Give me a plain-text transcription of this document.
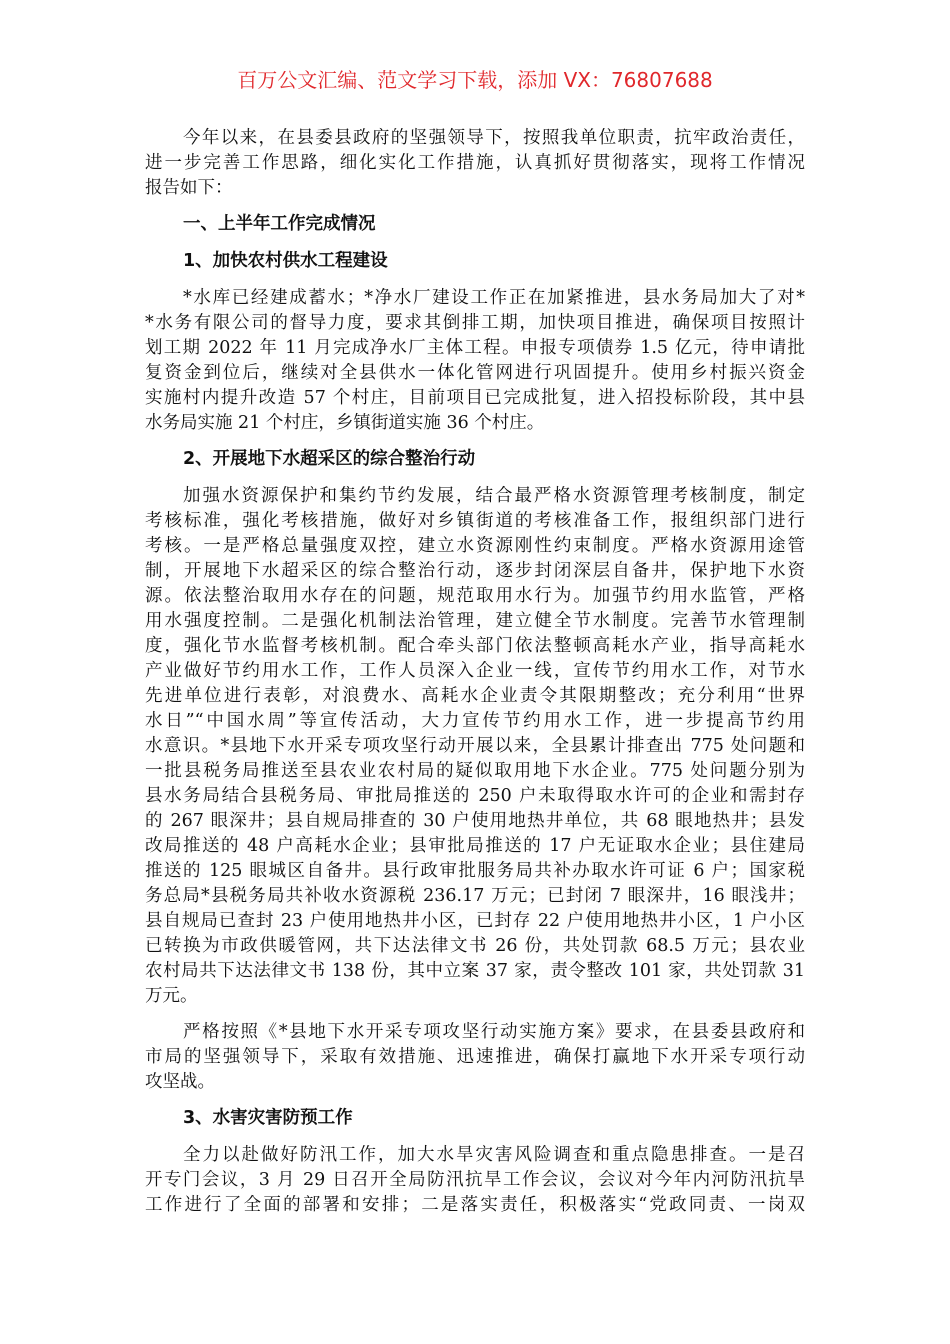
百万公文汇编、范文学习下载，添加 VX：76807688
今年以来，在县委县政府的坚强领导下，按照我单位职责，抗牢政治责任，
进一步完善工作思路，细化实化工作措施，认真抓好贯彻落实，现将工作情况
报告如下：
一、上半年工作完成情况
1、加快农村供水工程建设
*水库已经建成蓄水；*净水厂建设工作正在加紧推进，县水务局加大了对*
*水务有限公司的督导力度，要求其倒排工期，加快项目推进，确保项目按照计
划工期 2022 年 11 月完成净水厂主体工程。申报专项债券 1.5 亿元，待申请批
复资金到位后，继续对全县供水一体化管网进行巩固提升。使用乡村振兴资金
实施村内提升改造 57 个村庄，目前项目已完成批复，进入招投标阶段，其中县
水务局实施 21 个村庄，乡镇街道实施 36 个村庄。
2、开展地下水超采区的综合整治行动
加强水资源保护和集约节约发展，结合最严格水资源管理考核制度，制定
考核标准，强化考核措施，做好对乡镇街道的考核准备工作，报组织部门进行
考核。一是严格总量强度双控，建立水资源刚性约束制度。严格水资源用途管
制，开展地下水超采区的综合整治行动，逐步封闭深层自备井，保护地下水资
源。依法整治取用水存在的问题，规范取用水行为。加强节约用水监管，严格
用水强度控制。二是强化机制法治管理，建立健全节水制度。完善节水管理制
度，强化节水监督考核机制。配合牵头部门依法整顿高耗水产业，指导高耗水
产业做好节约用水工作，工作人员深入企业一线，宣传节约用水工作，对节水
先进单位进行表彰，对浪费水、高耗水企业责令其限期整改；充分利用“世界
水日”“中国水周”等宣传活动，大力宣传节约用水工作，进一步提高节约用
水意识。*县地下水开采专项攻坚行动开展以来，全县累计排查出 775 处问题和
一批县税务局推送至县农业农村局的疑似取用地下水企业。775 处问题分别为
县水务局结合县税务局、审批局推送的 250 户未取得取水许可的企业和需封存
的 267 眼深井；县自规局排查的 30 户使用地热井单位，共 68 眼地热井；县发
改局推送的 48 户高耗水企业；县审批局推送的 17 户无证取水企业；县住建局
推送的 125 眼城区自备井。县行政审批服务局共补办取水许可证 6 户；国家税
务总局*县税务局共补收水资源税 236.17 万元；已封闭 7 眼深井，16 眼浅井；
县自规局已查封 23 户使用地热井小区，已封存 22 户使用地热井小区，1 户小区
已转换为市政供暖管网，共下达法律文书 26 份，共处罚款 68.5 万元；县农业
农村局共下达法律文书 138 份，其中立案 37 家，责令整改 101 家，共处罚款 31
万元。
严格按照《*县地下水开采专项攻坚行动实施方案》要求，在县委县政府和
市局的坚强领导下，采取有效措施、迅速推进，确保打赢地下水开采专项行动
攻坚战。
3、水害灾害防预工作
全力以赴做好防汛工作，加大水旱灾害风险调查和重点隐患排查。一是召
开专门会议，3 月 29 日召开全局防汛抗旱工作会议，会议对今年内河防汛抗旱
工作进行了全面的部署和安排；二是落实责任，积极落实“党政同责、一岗双
